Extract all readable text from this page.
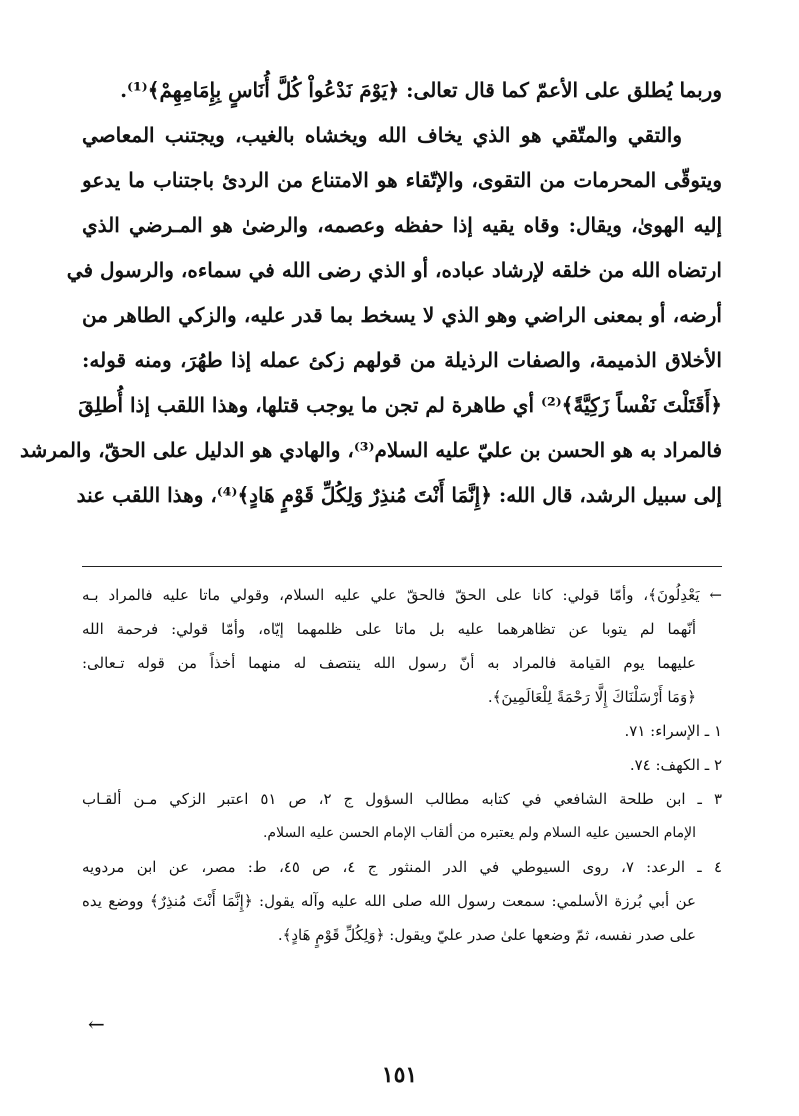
وربما يُطلق على الأعمّ كما قال تعالى: ﴿يَوْمَ نَدْعُواْ كُلَّ أُنَاسٍ بِإِمَامِهِمْ﴾⁽¹⁾.
والتقي والمتّقي هو الذي يخاف الله ويخشاه بالغيب، ويجتنب المعاصي
ويتوقّى المحرمات من التقوى، والإتّقاء هو الامتناع من الردئ باجتناب ما يدعو
إليه الهوىٰ، ويقال: وقاه يقيه إذا حفظه وعصمه، والرضىٰ هو المـرضي الذي
ارتضاه الله من خلقه لإرشاد عباده، أو الذي رضى الله في سماءه، والرسول في
أرضه، أو بمعنى الراضي وهو الذي لا يسخط بما قدر عليه، والزكي الطاهر من
الأخلاق الذميمة، والصفات الرذيلة من قولهم زكئ عمله إذا طهُرَ، ومنه قوله:
﴿أَقَتَلْتَ نَفْساً زَكِيَّةً﴾⁽²⁾ أي طاهرة لم تجن ما يوجب قتلها، وهذا اللقب إذا أُطلِقَ
فالمراد به هو الحسن بن عليّ عليه السلام⁽³⁾، والهادي هو الدليل على الحقّ، والمرشد
إلى سبيل الرشد، قال الله: ﴿إِنَّمَا أَنْتَ مُنذِرٌ وَلِكُلِّ قَوْمٍ هَادٍ﴾⁽⁴⁾، وهذا اللقب عند
← يَعْدِلُونَ﴾، وأمّا قولي: كانا على الحقّ فالحقّ علي عليه السلام، وقولي ماتا عليه فالمراد بـه
أنّهما لم يتوبا عن تظاهرهما عليه بل ماتا على ظلمهما إيّاه، وأمّا قولي: فرحمة الله
عليهما يوم القيامة فالمراد به أنّ رسول الله ينتصف له منهما أخذاً من قوله تـعالى:
﴿وَمَا أَرْسَلْنَاكَ إِلَّا رَحْمَةً لِلْعَالَمِينَ﴾.
١ ـ الإسراء: ٧١.
٢ ـ الكهف: ٧٤.
٣ ـ ابن طلحة الشافعي في كتابه مطالب السؤول ج ٢، ص ٥١ اعتبر الزكي مـن ألقـاب
الإمام الحسين عليه السلام ولم يعتبره من ألقاب الإمام الحسن عليه السلام.
٤ ـ الرعد: ٧، روى السيوطي في الدر المنثور ج ٤، ص ٤٥، ط: مصر، عن ابن مردويه
عن أبي بُرزة الأسلمي: سمعت رسول الله صلى الله عليه وآله يقول: ﴿إِنَّمَا أَنْتَ مُنذِرٌ﴾ ووضع يده
على صدر نفسه، ثمّ وضعها علىٰ صدر عليّ ويقول: ﴿وَلِكُلِّ قَوْمٍ هَادٍ﴾.
←
١٥١
